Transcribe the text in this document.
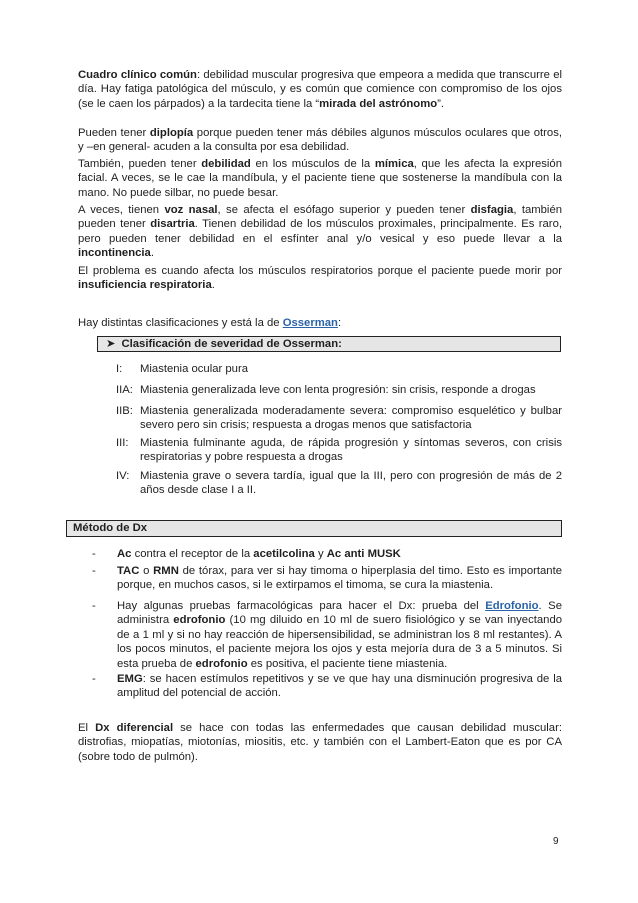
Cuadro clínico común: debilidad muscular progresiva que empeora a medida que transcurre el día. Hay fatiga patológica del músculo, y es común que comience con compromiso de los ojos (se le caen los párpados) a la tardecita tiene la “mirada del astrónomo”.

Pueden tener diplopía porque pueden tener más débiles algunos músculos oculares que otros, y –en general- acuden a la consulta por esa debilidad.

También, pueden tener debilidad en los músculos de la mímica, que les afecta la expresión facial. A veces, se le cae la mandíbula, y el paciente tiene que sostenerse la mandíbula con la mano. No puede silbar, no puede besar.

A veces, tienen voz nasal, se afecta el esófago superior y pueden tener disfagia, también pueden tener disartria. Tienen debilidad de los músculos proximales, principalmente. Es raro, pero pueden tener debilidad en el esfínter anal y/o vesical y eso puede llevar a la incontinencia.

El problema es cuando afecta los músculos respiratorios porque el paciente puede morir por insuficiencia respiratoria.

Hay distintas clasificaciones y está la de Osserman:

➤ Clasificación de severidad de Osserman:
I: Miastenia ocular pura
IIA: Miastenia generalizada leve con lenta progresión: sin crisis, responde a drogas
IIB: Miastenia generalizada moderadamente severa: compromiso esquelético y bulbar severo pero sin crisis; respuesta a drogas menos que satisfactoria
III: Miastenia fulminante aguda, de rápida progresión y síntomas severos, con crisis respiratorias y pobre respuesta a drogas
IV: Miastenia grave o severa tardía, igual que la III, pero con progresión de más de 2 años desde clase I a II.
Método de Dx
- Ac contra el receptor de la acetilcolina y Ac anti MUSK
- TAC o RMN de tórax, para ver si hay timoma o hiperplasia del timo. Esto es importante porque, en muchos casos, si le extirpamos el timoma, se cura la miastenia.
- Hay algunas pruebas farmacológicas para hacer el Dx: prueba del Edrofonio. Se administra edrofonio (10 mg diluido en 10 ml de suero fisiológico y se van inyectando de a 1 ml y si no hay reacción de hipersensibilidad, se administran los 8 ml restantes). A los pocos minutos, el paciente mejora los ojos y esta mejoría dura de 3 a 5 minutos. Si esta prueba de edrofonio es positiva, el paciente tiene miastenia.
- EMG: se hacen estímulos repetitivos y se ve que hay una disminución progresiva de la amplitud del potencial de acción.

El Dx diferencial se hace con todas las enfermedades que causan debilidad muscular: distrofias, miopatías, miotonías, miositis, etc. y también con el Lambert-Eaton que es por CA (sobre todo de pulmón).

9
